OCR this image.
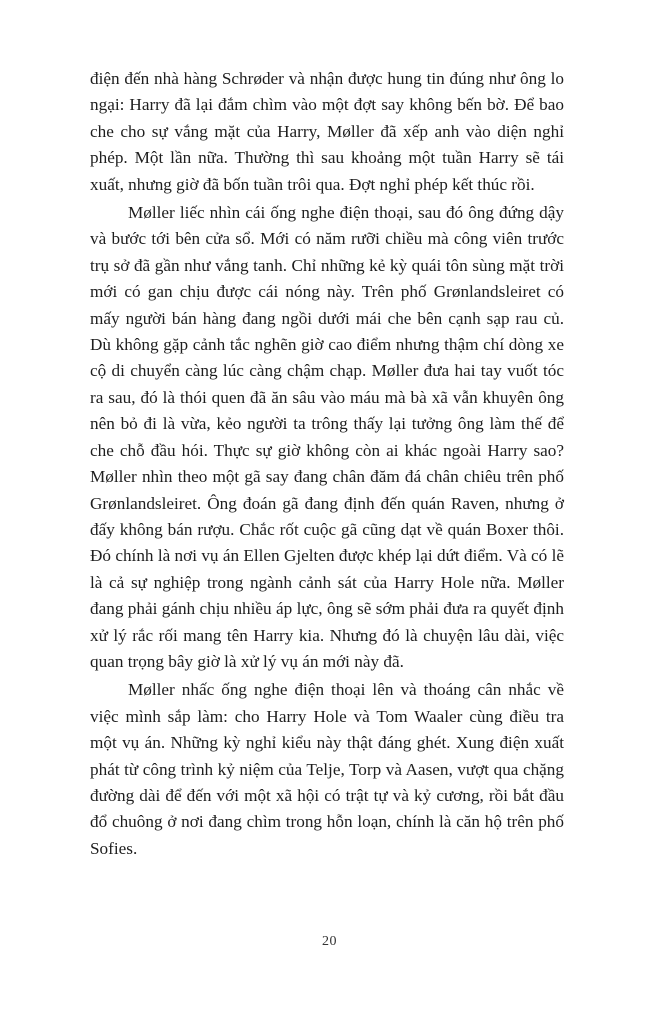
điện đến nhà hàng Schrøder và nhận được hung tin đúng như ông lo ngại: Harry đã lại đắm chìm vào một đợt say không bến bờ. Để bao che cho sự vắng mặt của Harry, Møller đã xếp anh vào diện nghỉ phép. Một lần nữa. Thường thì sau khoảng một tuần Harry sẽ tái xuất, nhưng giờ đã bốn tuần trôi qua. Đợt nghỉ phép kết thúc rồi.

Møller liếc nhìn cái ống nghe điện thoại, sau đó ông đứng dậy và bước tới bên cửa sổ. Mới có năm rưỡi chiều mà công viên trước trụ sở đã gần như vắng tanh. Chỉ những kẻ kỳ quái tôn sùng mặt trời mới có gan chịu được cái nóng này. Trên phố Grønlandsleiret có mấy người bán hàng đang ngồi dưới mái che bên cạnh sạp rau củ. Dù không gặp cảnh tắc nghẽn giờ cao điểm nhưng thậm chí dòng xe cộ di chuyển càng lúc càng chậm chạp. Møller đưa hai tay vuốt tóc ra sau, đó là thói quen đã ăn sâu vào máu mà bà xã vẫn khuyên ông nên bỏ đi là vừa, kẻo người ta trông thấy lại tưởng ông làm thế để che chỗ đầu hói. Thực sự giờ không còn ai khác ngoài Harry sao? Møller nhìn theo một gã say đang chân đăm đá chân chiêu trên phố Grønlandsleiret. Ông đoán gã đang định đến quán Raven, nhưng ở đấy không bán rượu. Chắc rốt cuộc gã cũng dạt về quán Boxer thôi. Đó chính là nơi vụ án Ellen Gjelten được khép lại dứt điểm. Và có lẽ là cả sự nghiệp trong ngành cảnh sát của Harry Hole nữa. Møller đang phải gánh chịu nhiều áp lực, ông sẽ sớm phải đưa ra quyết định xử lý rắc rối mang tên Harry kia. Nhưng đó là chuyện lâu dài, việc quan trọng bây giờ là xử lý vụ án mới này đã.

Møller nhấc ống nghe điện thoại lên và thoáng cân nhắc về việc mình sắp làm: cho Harry Hole và Tom Waaler cùng điều tra một vụ án. Những kỳ nghỉ kiểu này thật đáng ghét. Xung điện xuất phát từ công trình kỷ niệm của Telje, Torp và Aasen, vượt qua chặng đường dài để đến với một xã hội có trật tự và kỷ cương, rồi bắt đầu đổ chuông ở nơi đang chìm trong hỗn loạn, chính là căn hộ trên phố Sofies.

20
